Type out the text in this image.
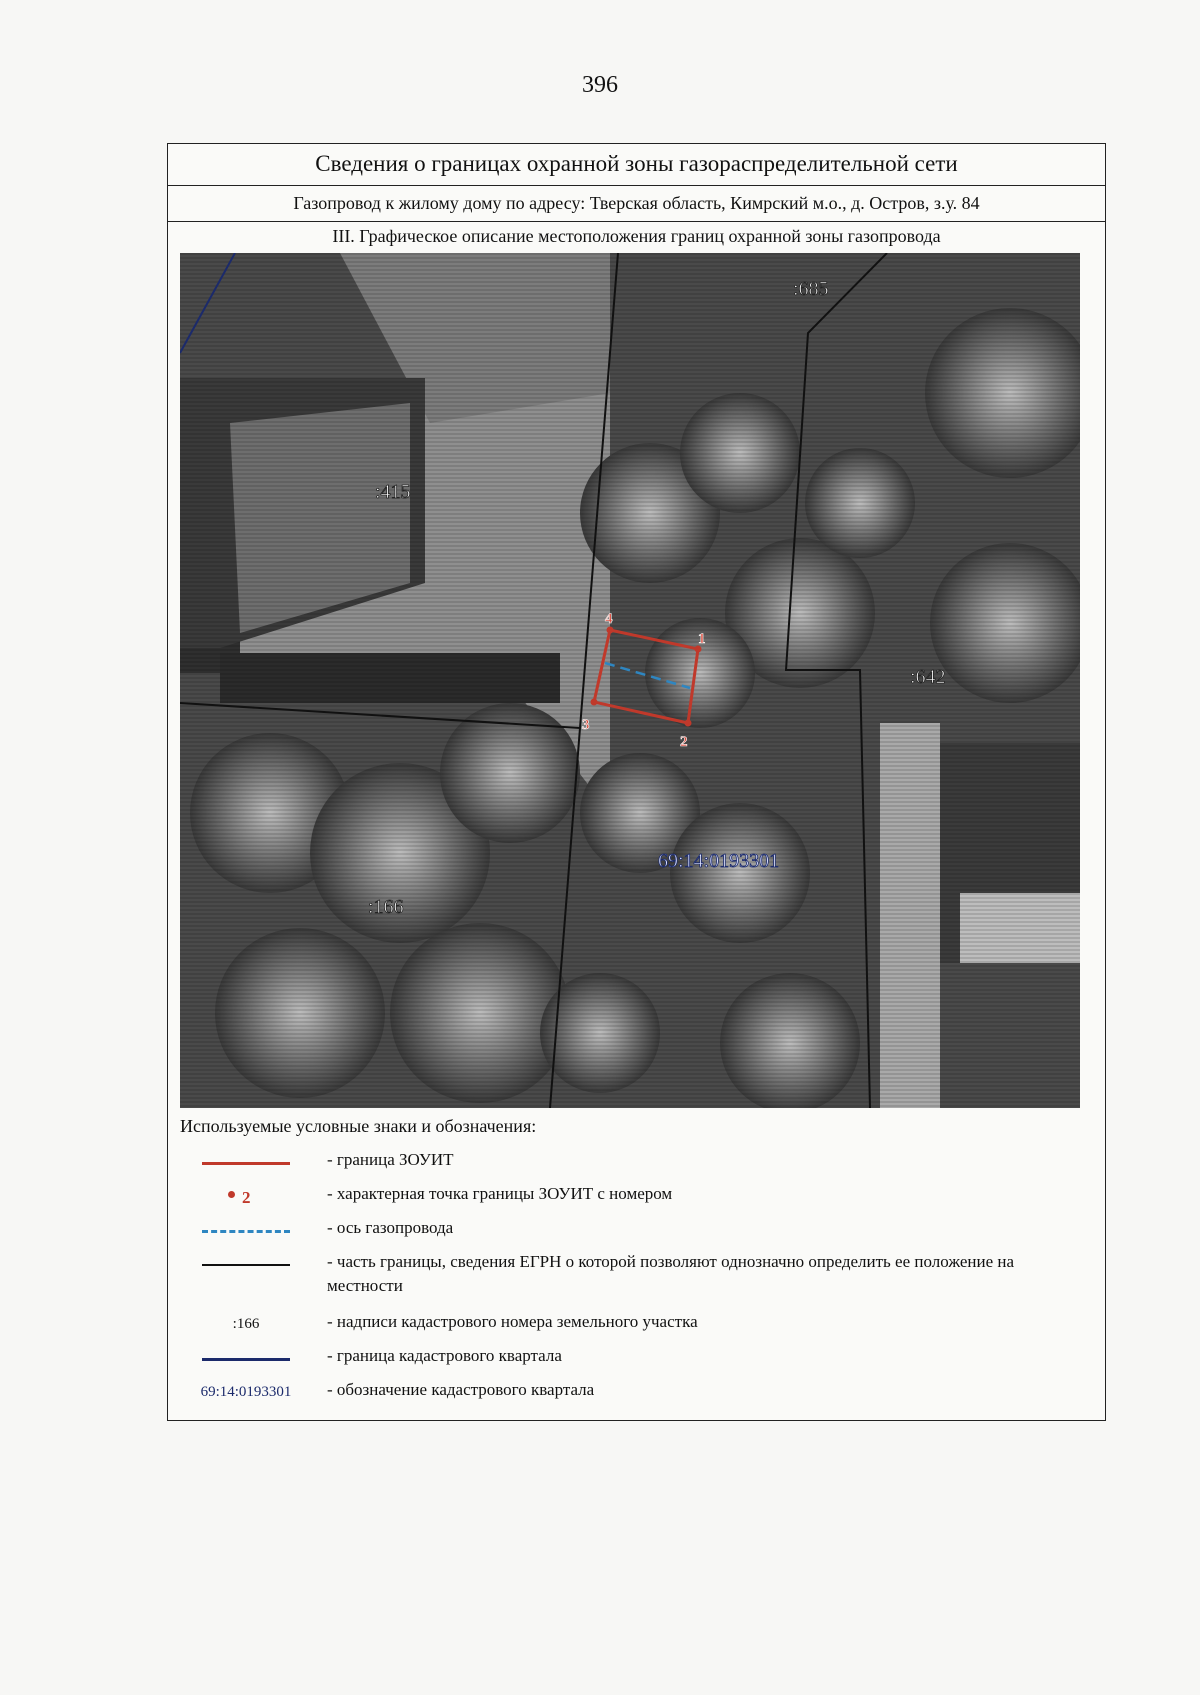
396
Сведения о границах охранной зоны газораспределительной сети
Газопровод к жилому дому по адресу: Тверская область, Кимрский м.о., д. Остров, з.у. 84
III. Графическое описание местоположения границ охранной зоны газопровода
1
2
3
4
:685
:415
:642
:166
69:14:0193301
Используемые условные знаки и обозначения:
- граница ЗОУИТ
2	- характерная точка границы ЗОУИТ с номером
- ось газопровода
- часть границы, сведения ЕГРН о которой позволяют однозначно определить ее положение на местности
:166	- надписи кадастрового номера земельного участка
- граница кадастрового квартала
69:14:0193301	- обозначение кадастрового квартала
